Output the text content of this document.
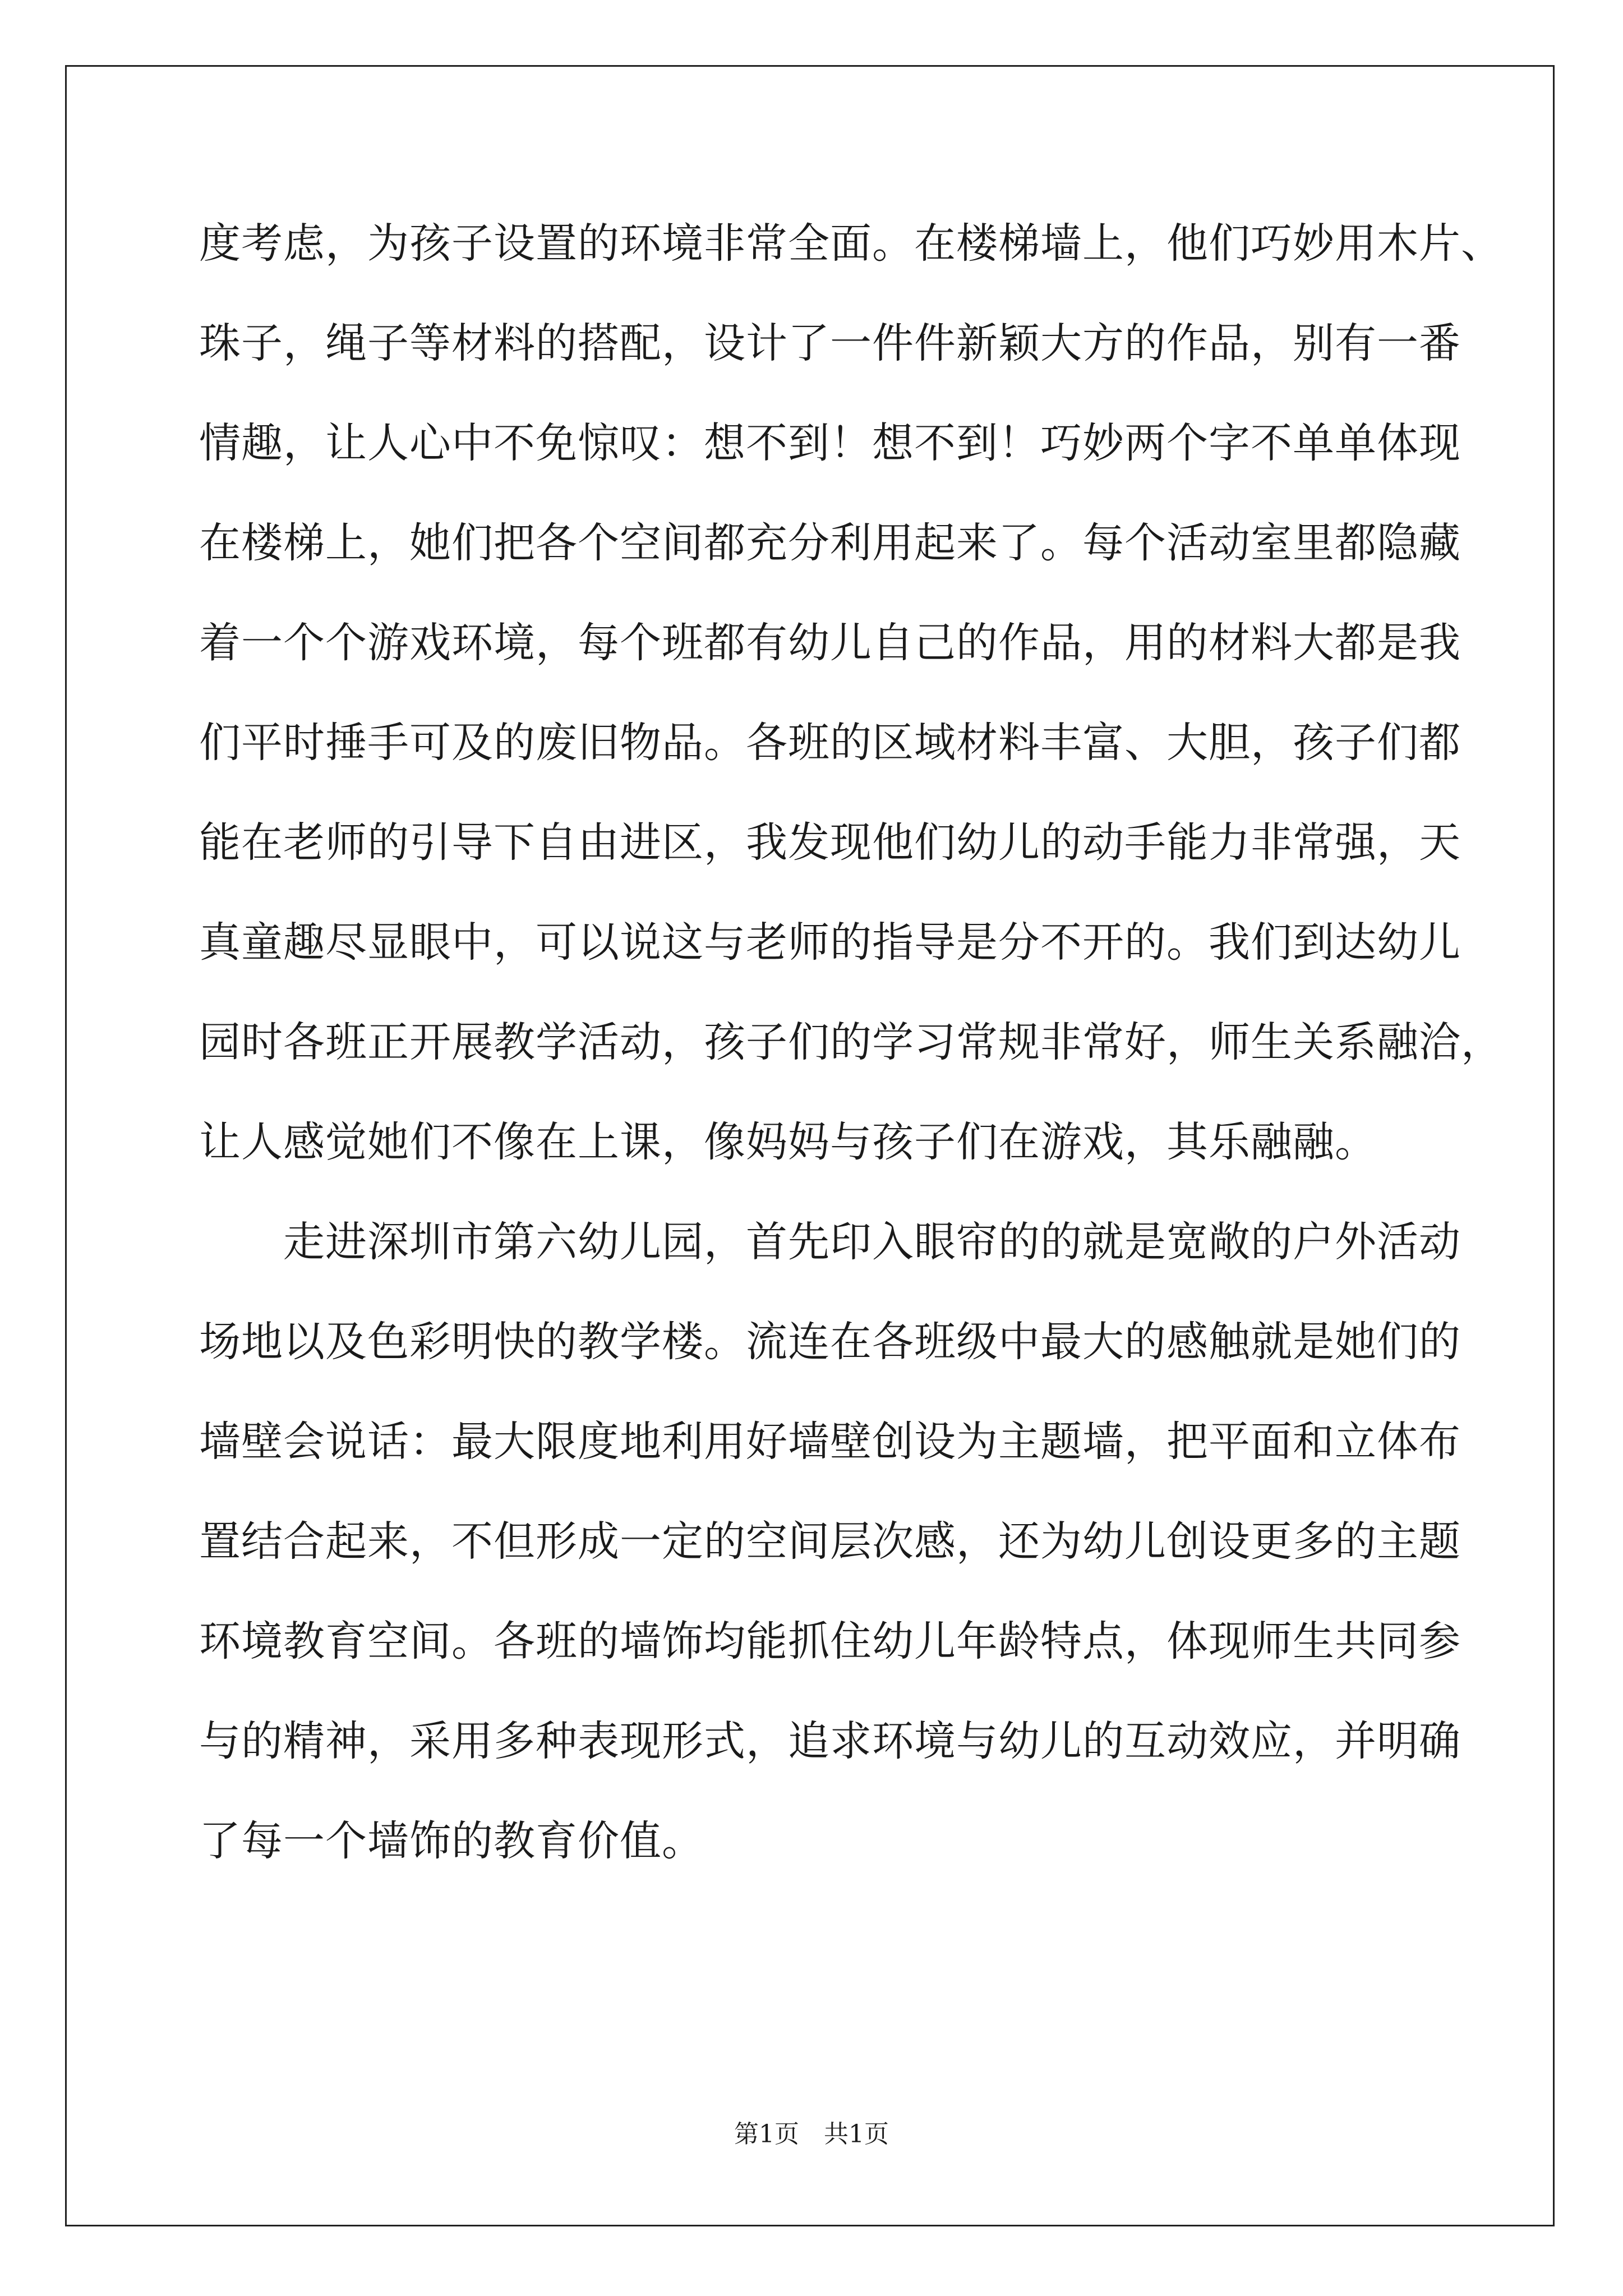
度考虑，为孩子设置的环境非常全面。在楼梯墙上，他们巧妙用木片、
珠子，绳子等材料的搭配，设计了一件件新颖大方的作品，别有一番
情趣，让人心中不免惊叹：想不到！想不到！巧妙两个字不单单体现
在楼梯上，她们把各个空间都充分利用起来了。每个活动室里都隐藏
着一个个游戏环境，每个班都有幼儿自己的作品，用的材料大都是我
们平时捶手可及的废旧物品。各班的区域材料丰富、大胆，孩子们都
能在老师的引导下自由进区，我发现他们幼儿的动手能力非常强，天
真童趣尽显眼中，可以说这与老师的指导是分不开的。我们到达幼儿
园时各班正开展教学活动，孩子们的学习常规非常好，师生关系融洽，
让人感觉她们不像在上课，像妈妈与孩子们在游戏，其乐融融。
　　走进深圳市第六幼儿园，首先印入眼帘的的就是宽敞的户外活动
场地以及色彩明快的教学楼。流连在各班级中最大的感触就是她们的
墙壁会说话：最大限度地利用好墙壁创设为主题墙，把平面和立体布
置结合起来，不但形成一定的空间层次感，还为幼儿创设更多的主题
环境教育空间。各班的墙饰均能抓住幼儿年龄特点，体现师生共同参
与的精神，采用多种表现形式，追求环境与幼儿的互动效应，并明确
了每一个墙饰的教育价值。
第1页　共1页
